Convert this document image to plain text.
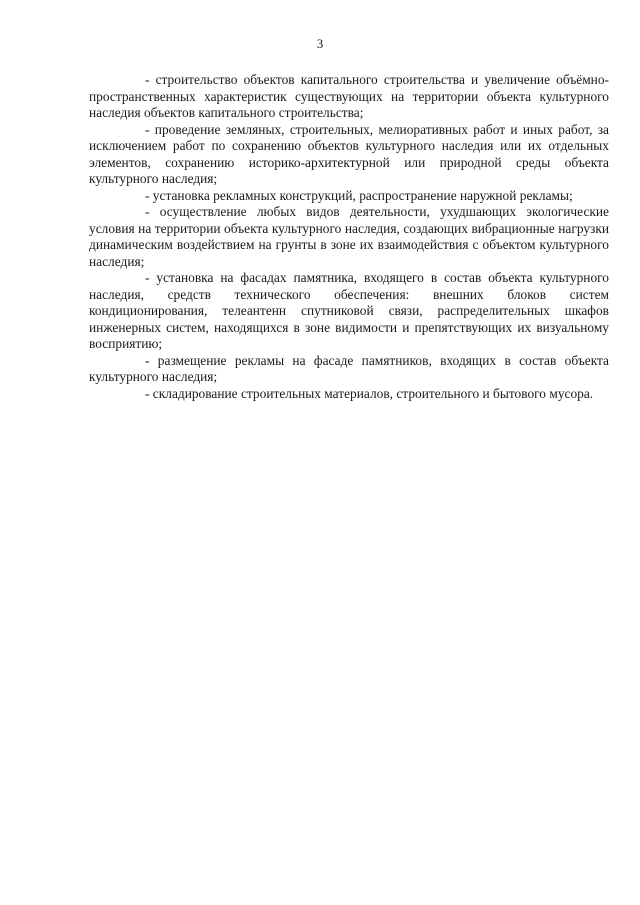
3

- строительство объектов капитального строительства и увеличение объёмно-пространственных характеристик существующих на территории объекта культурного наследия объектов капитального строительства;

- проведение земляных, строительных, мелиоративных работ и иных работ, за исключением работ по сохранению объектов культурного наследия или их отдельных элементов, сохранению историко-архитектурной или природной среды объекта культурного наследия;

- установка рекламных конструкций, распространение наружной рекламы;

- осуществление любых видов деятельности, ухудшающих экологические условия на территории объекта культурного наследия, создающих вибрационные нагрузки динамическим воздействием на грунты в зоне их взаимодействия с объектом культурного наследия;

- установка на фасадах памятника, входящего в состав объекта культурного наследия, средств технического обеспечения: внешних блоков систем кондиционирования, телеантенн спутниковой связи, распределительных шкафов инженерных систем, находящихся в зоне видимости и препятствующих их визуальному восприятию;

- размещение рекламы на фасаде памятников, входящих в состав объекта культурного наследия;

- складирование строительных материалов, строительного и бытового мусора.
